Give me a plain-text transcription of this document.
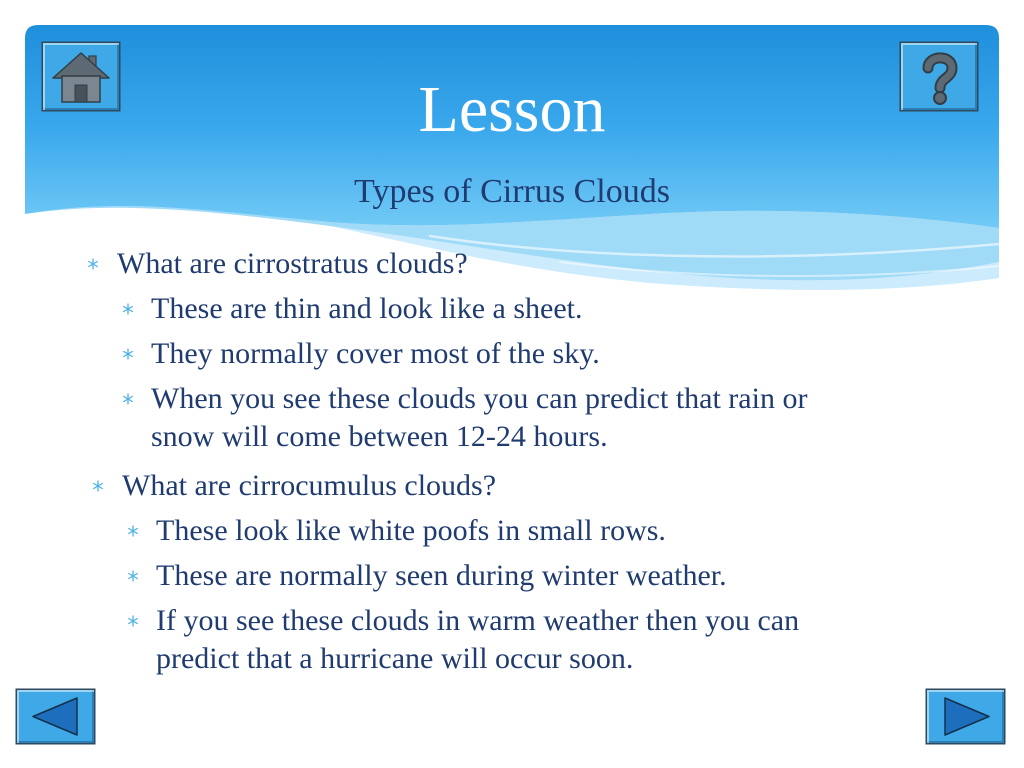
Lesson
Types of Cirrus Clouds
What are cirrostratus clouds?
These are thin and look like a sheet.
They normally cover most of the sky.
When you see these clouds you can predict that rain or
snow will come between 12-24 hours.
What are cirrocumulus clouds?
These look like white poofs in small rows.
These are normally seen during winter weather.
If you see these clouds in warm weather then you can
predict that a hurricane will occur soon.
